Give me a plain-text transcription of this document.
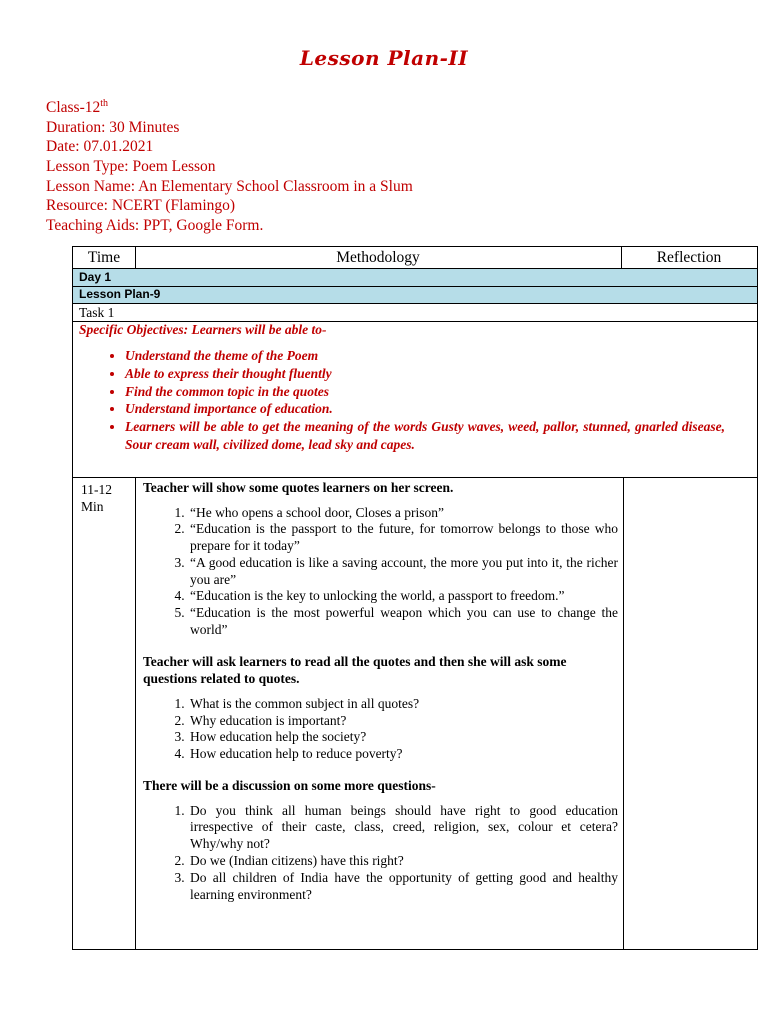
Lesson Plan-II
Class-12th
Duration: 30 Minutes
Date: 07.01.2021
Lesson Type: Poem Lesson
Lesson Name: An Elementary School Classroom in a Slum
Resource: NCERT (Flamingo)
Teaching Aids: PPT, Google Form.
Time	Methodology	Reflection
Day 1
Lesson Plan-9
Task 1
Specific Objectives: Learners will be able to-
• Understand the theme of the Poem
• Able to express their thought fluently
• Find the common topic in the quotes
• Understand importance of education.
• Learners will be able to get the meaning of the words Gusty waves, weed, pallor, stunned, gnarled disease, Sour cream wall, civilized dome, lead sky and capes.
11-12 Min
Teacher will show some quotes learners on her screen.
1. “He who opens a school door, Closes a prison”
2. “Education is the passport to the future, for tomorrow belongs to those who prepare for it today”
3. “A good education is like a saving account, the more you put into it, the richer you are”
4. “Education is the key to unlocking the world, a passport to freedom.”
5. “Education is the most powerful weapon which you can use to change the world”
Teacher will ask learners to read all the quotes and then she will ask some questions related to quotes.
1. What is the common subject in all quotes?
2. Why education is important?
3. How education help the society?
4. How education help to reduce poverty?
There will be a discussion on some more questions-
1. Do you think all human beings should have right to good education irrespective of their caste, class, creed, religion, sex, colour et cetera? Why/why not?
2. Do we (Indian citizens) have this right?
3. Do all children of India have the opportunity of getting good and healthy learning environment?
